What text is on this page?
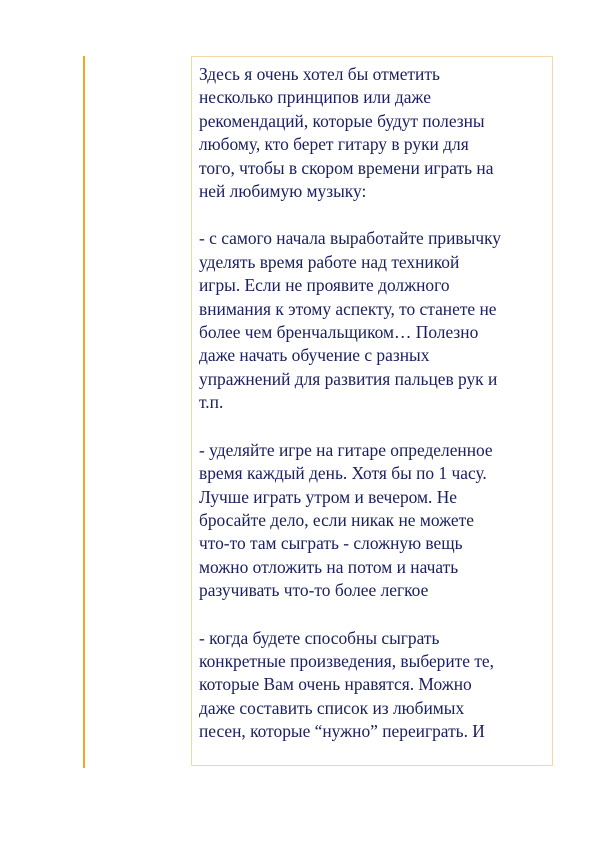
Здесь я очень хотел бы отметить
несколько принципов или даже
рекомендаций, которые будут полезны
любому, кто берет гитару в руки для
того, чтобы в скором времени играть на
ней любимую музыку:

- с самого начала выработайте привычку
уделять время работе над техникой
игры. Если не проявите должного
внимания к этому аспекту, то станете не
более чем бренчальщиком… Полезно
даже начать обучение с разных
упражнений для развития пальцев рук и
т.п.

- уделяйте игре на гитаре определенное
время каждый день. Хотя бы по 1 часу.
Лучше играть утром и вечером. Не
бросайте дело, если никак не можете
что-то там сыграть - сложную вещь
можно отложить на потом и начать
разучивать что-то более легкое

- когда будете способны сыграть
конкретные произведения, выберите те,
которые Вам очень нравятся. Можно
даже составить список из любимых
песен, которые “нужно” переиграть. И
